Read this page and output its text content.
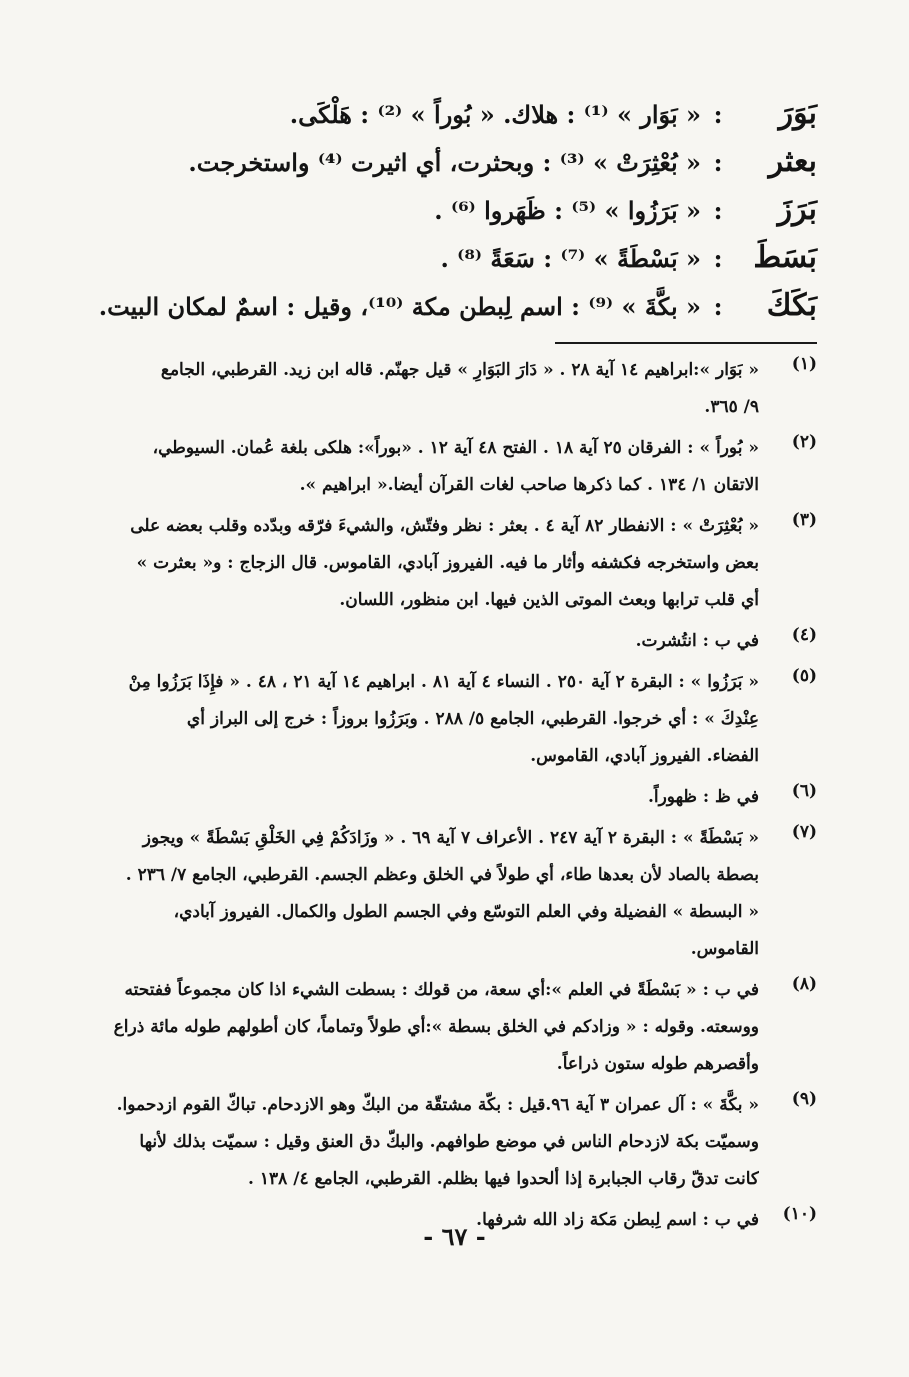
بَوَرَ
:
« بَوَار » ⁽¹⁾ : هلاك. « بُوراً » ⁽²⁾ : هَلْكَى.
بعثر
:
« بُعْثِرَتْ » ⁽³⁾ : وبحثرت، أي اثيرت ⁽⁴⁾ واستخرجت.
بَرَزَ
:
« بَرَزُوا » ⁽⁵⁾ : ظَهَروا ⁽⁶⁾ .
بَسَطَ
:
« بَسْطَةً » ⁽⁷⁾ : سَعَةً ⁽⁸⁾ .
بَكَكَ
:
« بكَّةَ » ⁽⁹⁾ : اسم لِبطن مكة ⁽¹⁰⁾، وقيل : اسمٌ لمكان البيت.
(١)
« بَوَار »:ابراهيم ١٤ آية ٢٨ . « دَارَ البَوَارِ » قيل جهنّم. قاله ابن زيد. القرطبي، الجامع
٩/ ٣٦٥.
(٢)
« بُوراً » : الفرقان ٢٥ آية ١٨ . الفتح ٤٨ آية ١٢ . «بوراً»: هلكى بلغة عُمان. السيوطي،
الاتقان ١/ ١٣٤ . كما ذكرها صاحب لغات القرآن أيضا.« ابراهيم ».‏
(٣)
« بُعْثِرَتْ » : الانفطار ٨٢ آية ٤ . بعثر : نظر وفتّش، والشيءَ فرّقه وبدّده وقلب بعضه على
بعض واستخرجه فكشفه وأثار ما فيه. الفيروز آبادي، القاموس. قال الزجاج : و« بعثرت »
أي قلب ترابها وبعث الموتى الذين فيها. ابن منظور، اللسان.
(٤)
في ب : انتُشرت.
(٥)
« بَرَزُوا » : البقرة ٢ آية ٢٥٠ . النساء ٤ آية ٨١ . ابراهيم ١٤ آية ٢١ ، ٤٨ . « فإِذَا بَرَزُوا مِنْ
عِنْدِكَ » : أي خرجوا. القرطبي، الجامع ٥/ ٢٨٨ . وبَرَزُوا بروزاً : خرج إلى البراز أي
الفضاء. الفيروز آبادي، القاموس.
(٦)
في ظ : ظهوراً.
(٧)
« بَسْطَةً » : البقرة ٢ آية ٢٤٧ . الأعراف ٧ آية ٦٩ . « وزَادَكُمْ فِي الخَلْقِ بَسْطَةً » ويجوز
بصطة بالصاد لأن بعدها طاء، أي طولاً في الخلق وعظم الجسم. القرطبي، الجامع ٧/ ٢٣٦ .
« البسطة » الفضيلة وفي العلم التوسّع وفي الجسم الطول والكمال. الفيروز آبادي،
القاموس.
(٨)
في ب : « بَسْطَةً في العلم »:أي سعة، من قولك : بسطت الشيء اذا كان مجموعاً ففتحته
ووسعته. وقوله : « وزادكم في الخلق بسطة »:أي طولاً وتماماً، كان أطولهم طوله مائة ذراع
وأقصرهم طوله ستون ذراعاً.
(٩)
« بكَّةَ » : آل عمران ٣ آية ٩٦.قيل : بكّة مشتقّة من البكّ وهو الازدحام. تباكّ القوم ازدحموا.
وسميّت بكة لازدحام الناس في موضع طوافهم. والبكّ دق العنق وقيل : سميّت بذلك لأنها
كانت تدقّ رقاب الجبابرة إذا ألحدوا فيها بظلم. القرطبي، الجامع ٤/ ١٣٨ .
(١٠)
في ب : اسم لِبطن مَكة زاد الله شرفها.
- ٦٧ -
